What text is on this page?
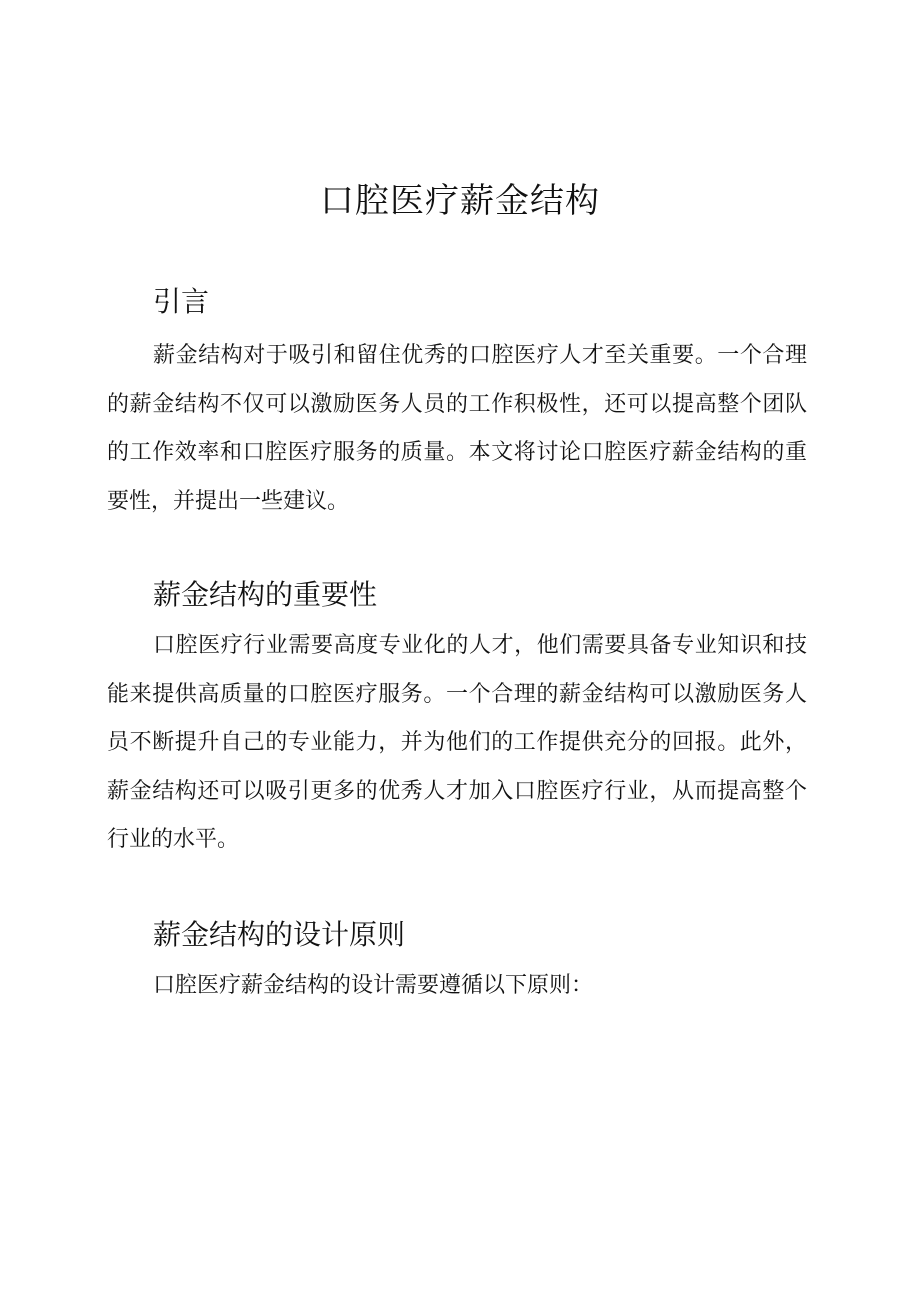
口腔医疗薪金结构
引言

薪金结构对于吸引和留住优秀的口腔医疗人才至关重要。一个合理的薪金结构不仅可以激励医务人员的工作积极性，还可以提高整个团队的工作效率和口腔医疗服务的质量。本文将讨论口腔医疗薪金结构的重要性，并提出一些建议。

薪金结构的重要性

口腔医疗行业需要高度专业化的人才，他们需要具备专业知识和技能来提供高质量的口腔医疗服务。一个合理的薪金结构可以激励医务人员不断提升自己的专业能力，并为他们的工作提供充分的回报。此外，薪金结构还可以吸引更多的优秀人才加入口腔医疗行业，从而提高整个行业的水平。

薪金结构的设计原则

口腔医疗薪金结构的设计需要遵循以下原则：
